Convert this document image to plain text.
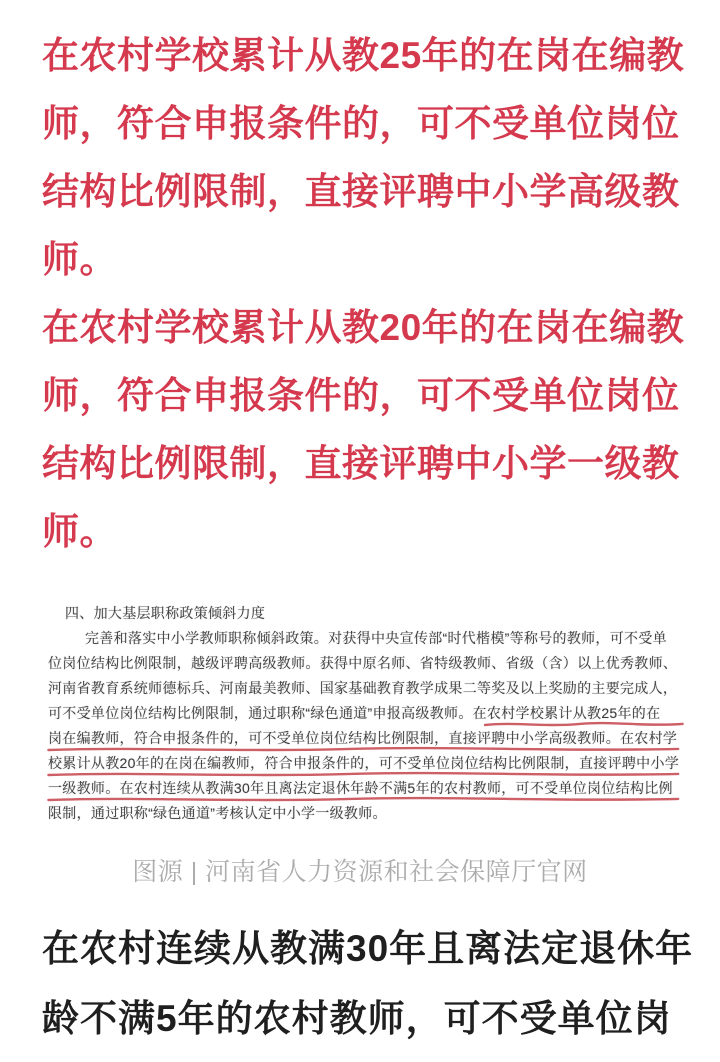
在农村学校累计从教25年的在岗在编教
师，符合申报条件的，可不受单位岗位
结构比例限制，直接评聘中小学高级教
师。
在农村学校累计从教20年的在岗在编教
师，符合申报条件的，可不受单位岗位
结构比例限制，直接评聘中小学一级教
师。
四、加大基层职称政策倾斜力度
完善和落实中小学教师职称倾斜政策。对获得中央宣传部“时代楷模”等称号的教师，可不受单
位岗位结构比例限制，越级评聘高级教师。获得中原名师、省特级教师、省级（含）以上优秀教师、
河南省教育系统师德标兵、河南最美教师、国家基础教育教学成果二等奖及以上奖励的主要完成人，
可不受单位岗位结构比例限制，通过职称“绿色通道”申报高级教师。在农村学校累计从教25年的在
岗在编教师，符合申报条件的，可不受单位岗位结构比例限制，直接评聘中小学高级教师。在农村学
校累计从教20年的在岗在编教师，符合申报条件的，可不受单位岗位结构比例限制，直接评聘中小学
一级教师。在农村连续从教满30年且离法定退休年龄不满5年的农村教师，可不受单位岗位结构比例
限制，通过职称“绿色通道”考核认定中小学一级教师。
图源 | 河南省人力资源和社会保障厅官网
在农村连续从教满30年且离法定退休年
龄不满5年的农村教师，可不受单位岗
